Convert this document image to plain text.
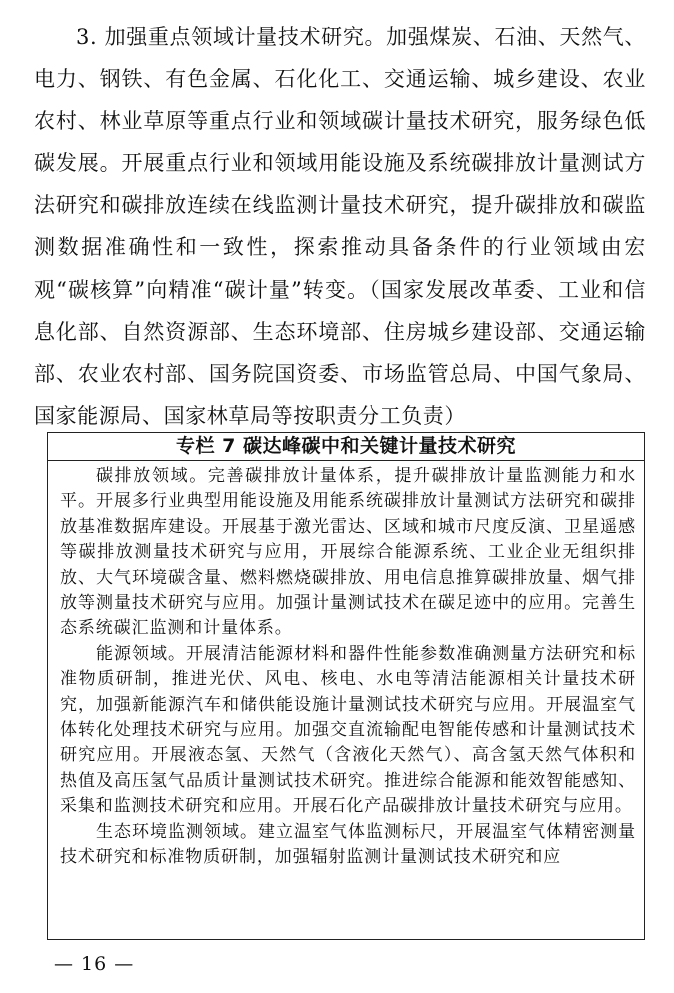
3. 加强重点领域计量技术研究。加强煤炭、石油、天然气、电力、钢铁、有色金属、石化化工、交通运输、城乡建设、农业农村、林业草原等重点行业和领域碳计量技术研究，服务绿色低碳发展。开展重点行业和领域用能设施及系统碳排放计量测试方法研究和碳排放连续在线监测计量技术研究，提升碳排放和碳监测数据准确性和一致性，探索推动具备条件的行业领域由宏观“碳核算”向精准“碳计量”转变。（国家发展改革委、工业和信息化部、自然资源部、生态环境部、住房城乡建设部、交通运输部、农业农村部、国务院国资委、市场监管总局、中国气象局、国家能源局、国家林草局等按职责分工负责）

专栏 7 碳达峰碳中和关键计量技术研究

碳排放领域。完善碳排放计量体系，提升碳排放计量监测能力和水平。开展多行业典型用能设施及用能系统碳排放计量测试方法研究和碳排放基准数据库建设。开展基于激光雷达、区域和城市尺度反演、卫星遥感等碳排放测量技术研究与应用，开展综合能源系统、工业企业无组织排放、大气环境碳含量、燃料燃烧碳排放、用电信息推算碳排放量、烟气排放等测量技术研究与应用。加强计量测试技术在碳足迹中的应用。完善生态系统碳汇监测和计量体系。

能源领域。开展清洁能源材料和器件性能参数准确测量方法研究和标准物质研制，推进光伏、风电、核电、水电等清洁能源相关计量技术研究，加强新能源汽车和储供能设施计量测试技术研究与应用。开展温室气体转化处理技术研究与应用。加强交直流输配电智能传感和计量测试技术研究应用。开展液态氢、天然气（含液化天然气）、高含氢天然气体积和热值及高压氢气品质计量测试技术研究。推进综合能源和能效智能感知、采集和监测技术研究和应用。开展石化产品碳排放计量技术研究与应用。

生态环境监测领域。建立温室气体监测标尺，开展温室气体精密测量技术研究和标准物质研制，加强辐射监测计量测试技术研究和应

— 16 —
